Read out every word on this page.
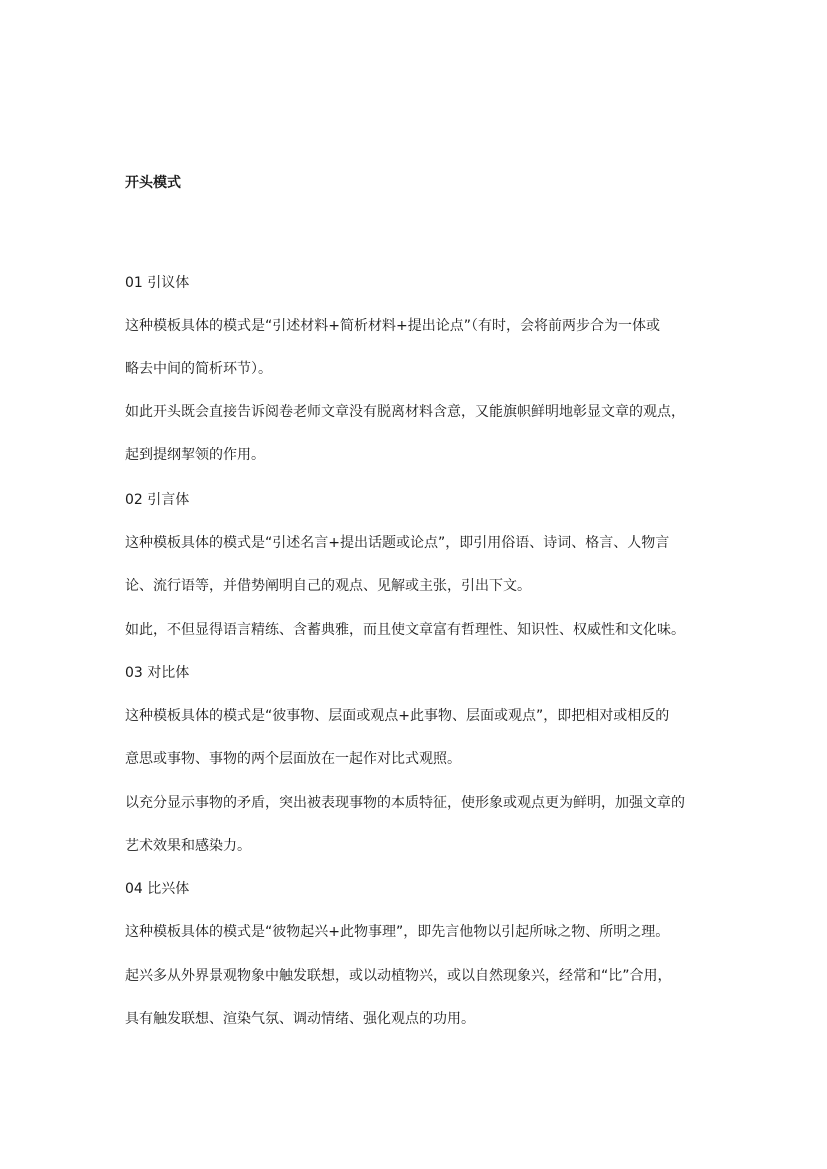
开头模式
01 引议体
这种模板具体的模式是“引述材料+简析材料+提出论点”（有时，会将前两步合为一体或
略去中间的简析环节）。
如此开头既会直接告诉阅卷老师文章没有脱离材料含意，又能旗帜鲜明地彰显文章的观点，
起到提纲挈领的作用。
02 引言体
这种模板具体的模式是“引述名言+提出话题或论点”，即引用俗语、诗词、格言、人物言
论、流行语等，并借势阐明自己的观点、见解或主张，引出下文。
如此，不但显得语言精练、含蓄典雅，而且使文章富有哲理性、知识性、权威性和文化味。
03 对比体
这种模板具体的模式是“彼事物、层面或观点+此事物、层面或观点”，即把相对或相反的
意思或事物、事物的两个层面放在一起作对比式观照。
以充分显示事物的矛盾，突出被表现事物的本质特征，使形象或观点更为鲜明，加强文章的
艺术效果和感染力。
04 比兴体
这种模板具体的模式是“彼物起兴+此物事理”，即先言他物以引起所咏之物、所明之理。
起兴多从外界景观物象中触发联想，或以动植物兴，或以自然现象兴，经常和“比”合用，
具有触发联想、渲染气氛、调动情绪、强化观点的功用。
